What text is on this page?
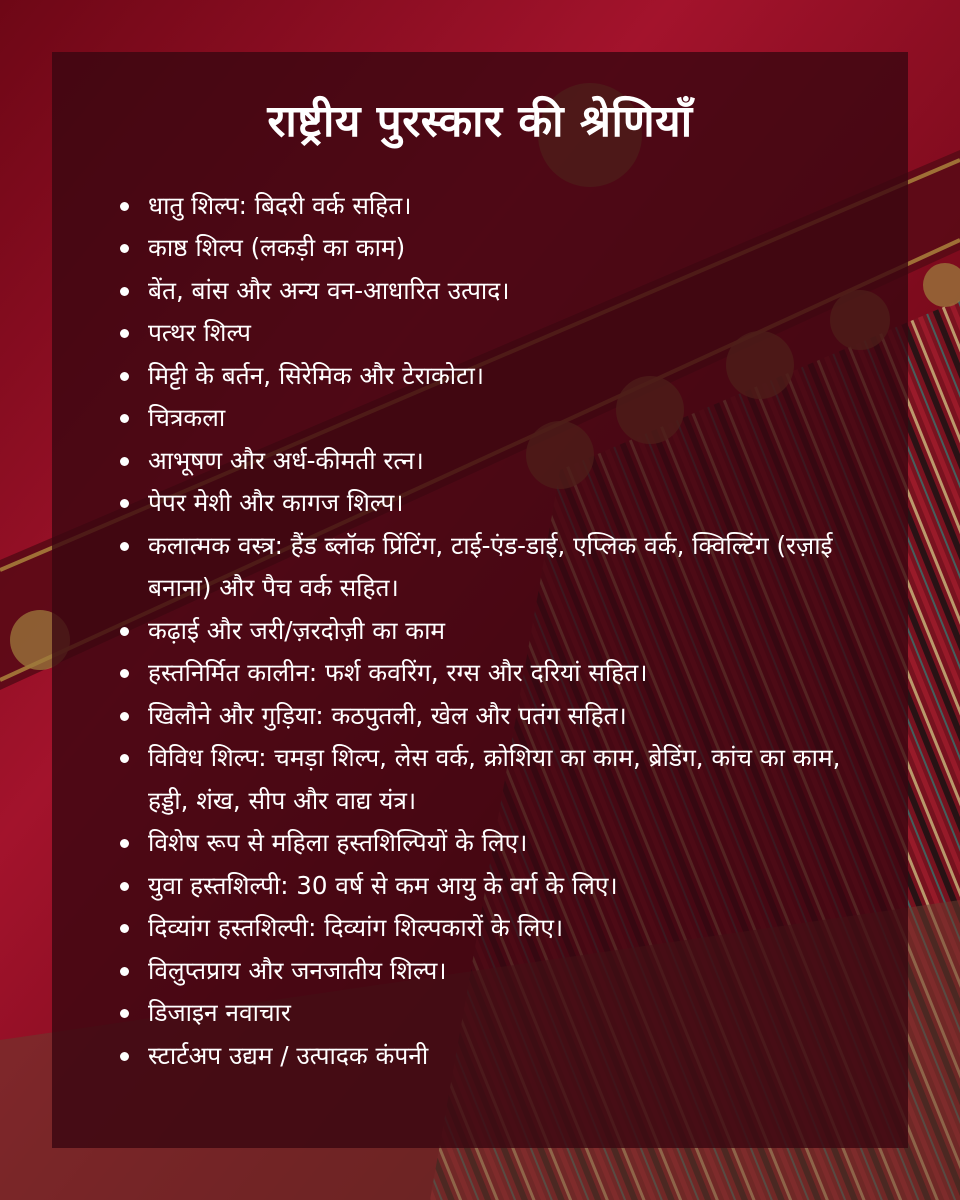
राष्ट्रीय पुरस्कार की श्रेणियाँ
धातु शिल्प: बिदरी वर्क सहित।
काष्ठ शिल्प (लकड़ी का काम)
बेंत, बांस और अन्य वन-आधारित उत्पाद।
पत्थर शिल्प
मिट्टी के बर्तन, सिरेमिक और टेराकोटा।
चित्रकला
आभूषण और अर्ध-कीमती रत्न।
पेपर मेशी और कागज शिल्प।
कलात्मक वस्त्र: हैंड ब्लॉक प्रिंटिंग, टाई-एंड-डाई, एप्लिक वर्क, क्विल्टिंग (रज़ाई बनाना) और पैच वर्क सहित।
कढ़ाई और जरी/ज़रदोज़ी का काम
हस्तनिर्मित कालीन: फर्श कवरिंग, रग्स और दरियां सहित।
खिलौने और गुड़िया: कठपुतली, खेल और पतंग सहित।
विविध शिल्प: चमड़ा शिल्प, लेस वर्क, क्रोशिया का काम, ब्रेडिंग, कांच का काम, हड्डी, शंख, सीप और वाद्य यंत्र।
विशेष रूप से महिला हस्तशिल्पियों के लिए।
युवा हस्तशिल्पी: 30 वर्ष से कम आयु के वर्ग के लिए।
दिव्यांग हस्तशिल्पी: दिव्यांग शिल्पकारों के लिए।
विलुप्तप्राय और जनजातीय शिल्प।
डिजाइन नवाचार
स्टार्टअप उद्यम / उत्पादक कंपनी
